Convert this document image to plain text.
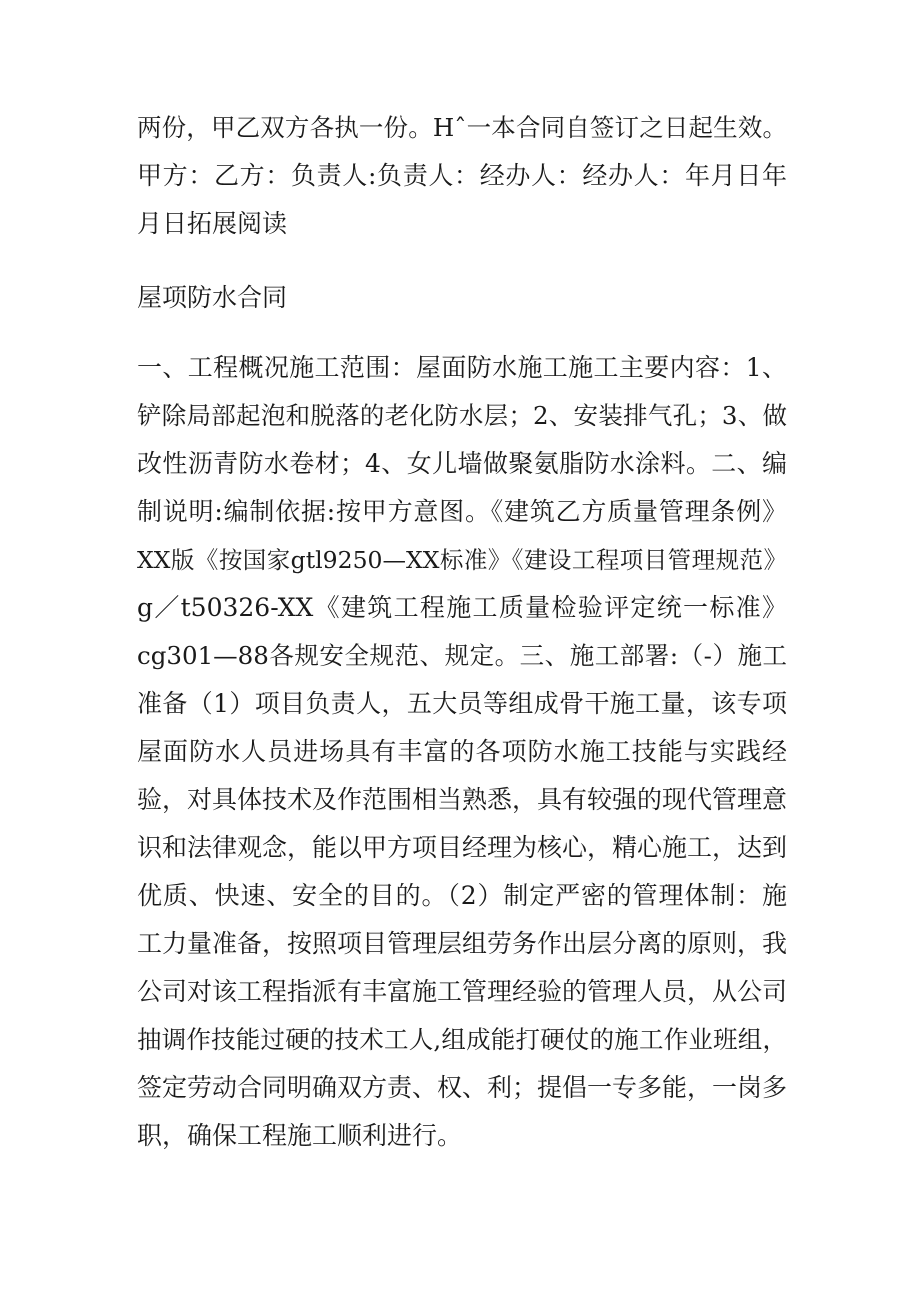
两份，甲乙双方各执一份。Hˆ一本合同自签订之日起生效。
甲方：乙方：负责人:负责人：经办人：经办人：年月日年
月日拓展阅读
屋项防水合同
一、工程概况施工范围：屋面防水施工施工主要内容：1、
铲除局部起泡和脱落的老化防水层；2、安装排气孔；3、做
改性沥青防水卷材；4、女儿墙做聚氨脂防水涂料。二、编
制说明:编制依据:按甲方意图。《建筑乙方质量管理条例》
XX版《按国家gtl9250—XX标准》《建设工程项目管理规范》
g／t50326-XX《建筑工程施工质量检验评定统一标准》
cg301—88各规安全规范、规定。三、施工部署:（-）施工
准备（1）项目负责人，五大员等组成骨干施工量，该专项
屋面防水人员进场具有丰富的各项防水施工技能与实践经
验，对具体技术及作范围相当熟悉，具有较强的现代管理意
识和法律观念，能以甲方项目经理为核心，精心施工，达到
优质、快速、安全的目的。（2）制定严密的管理体制：施
工力量准备，按照项目管理层组劳务作出层分离的原则，我
公司对该工程指派有丰富施工管理经验的管理人员，从公司
抽调作技能过硬的技术工人,组成能打硬仗的施工作业班组，
签定劳动合同明确双方责、权、利；提倡一专多能，一岗多
职，确保工程施工顺利进行。
